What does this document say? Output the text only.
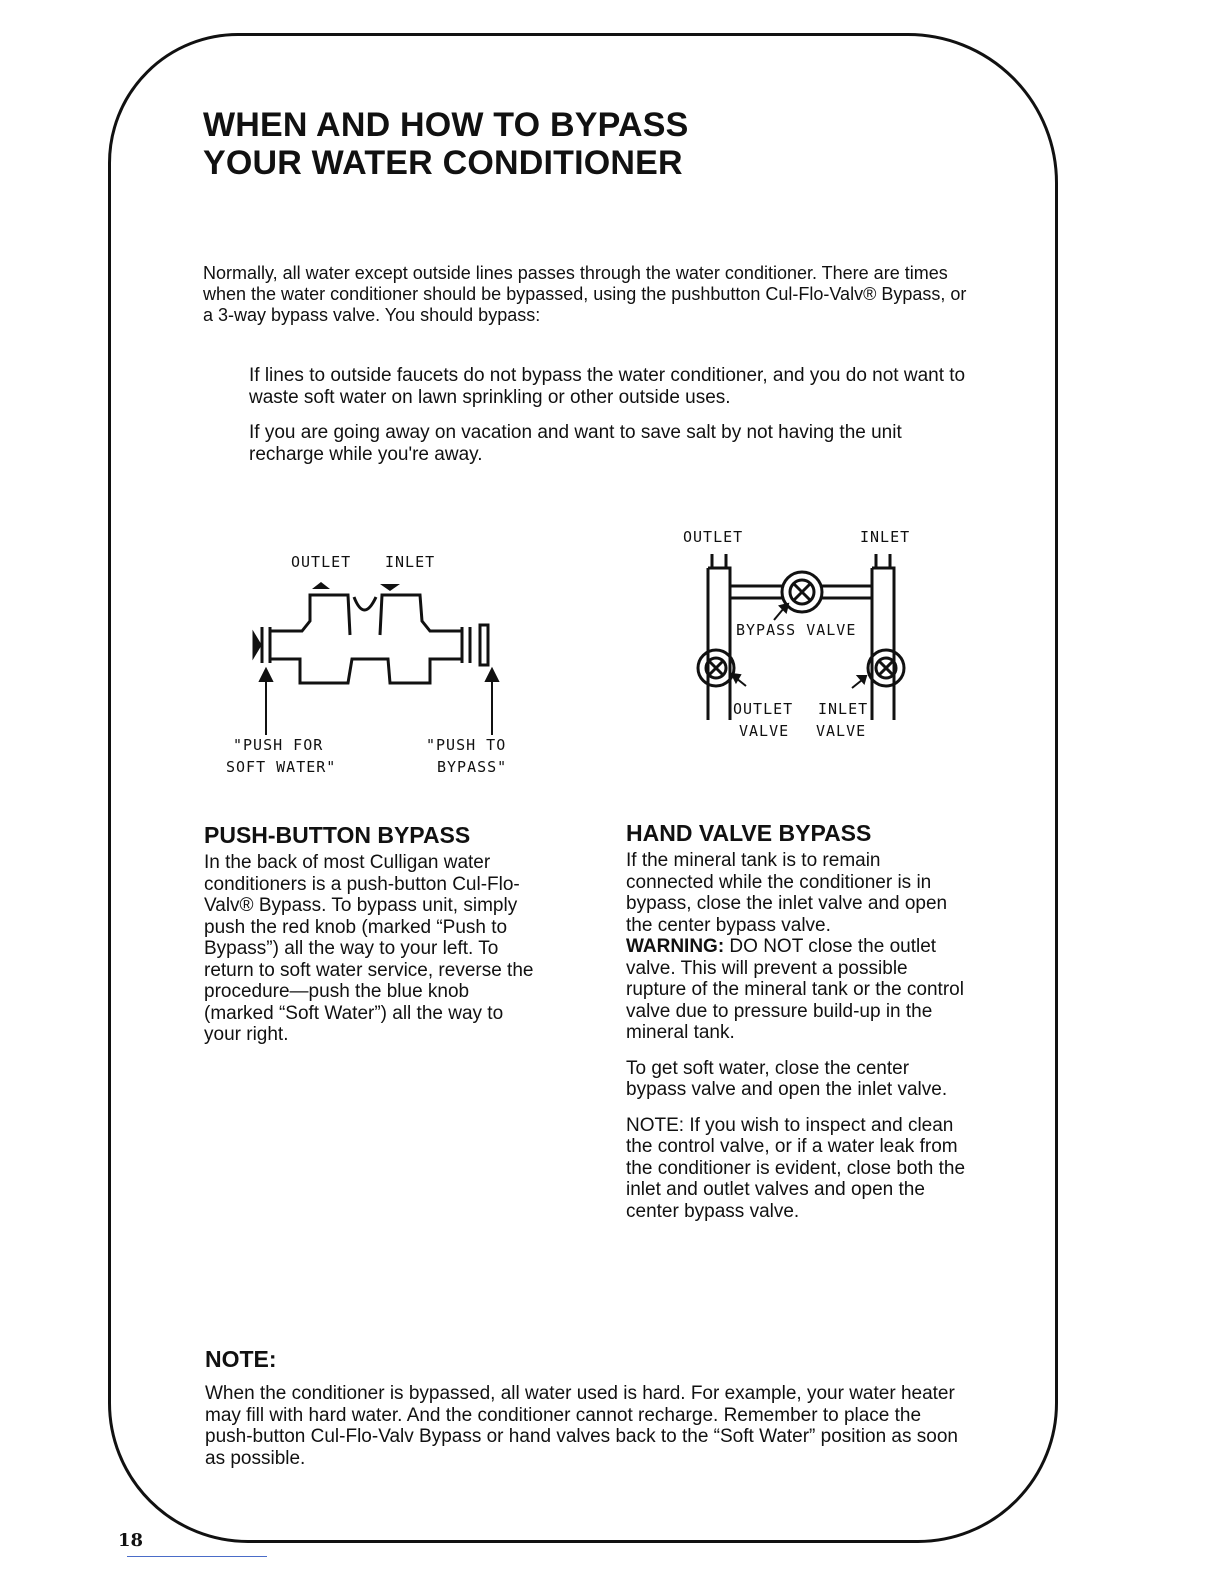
WHEN AND HOW TO BYPASS
YOUR WATER CONDITIONER

Normally, all water except outside lines passes through the water conditioner. There are times when the water conditioner should be bypassed, using the pushbutton Cul-Flo-Valv® Bypass, or a 3-way bypass valve. You should bypass:

If lines to outside faucets do not bypass the water conditioner, and you do not want to waste soft water on lawn sprinkling or other outside uses.

If you are going away on vacation and want to save salt by not having the unit recharge while you're away.

OUTLET INLET
"PUSH FOR
SOFT WATER"
"PUSH TO
BYPASS"
OUTLET	INLET
BYPASS VALVE
OUTLET
VALVE
INLET
VALVE
PUSH-BUTTON BYPASS

In the back of most Culligan water conditioners is a push-button Cul-Flo-Valv® Bypass. To bypass unit, simply push the red knob (marked “Push to Bypass”) all the way to your left. To return to soft water service, reverse the procedure—push the blue knob (marked “Soft Water”) all the way to your right.

HAND VALVE BYPASS

If the mineral tank is to remain connected while the conditioner is in bypass, close the inlet valve and open the center bypass valve.

WARNING: DO NOT close the outlet valve. This will prevent a possible rupture of the mineral tank or the control valve due to pressure build-up in the mineral tank.

To get soft water, close the center bypass valve and open the inlet valve.

NOTE: If you wish to inspect and clean the control valve, or if a water leak from the conditioner is evident, close both the inlet and outlet valves and open the center bypass valve.

NOTE:

When the conditioner is bypassed, all water used is hard. For example, your water heater may fill with hard water. And the conditioner cannot recharge. Remember to place the push-button Cul-Flo-Valv Bypass or hand valves back to the “Soft Water” position as soon as possible.

18
